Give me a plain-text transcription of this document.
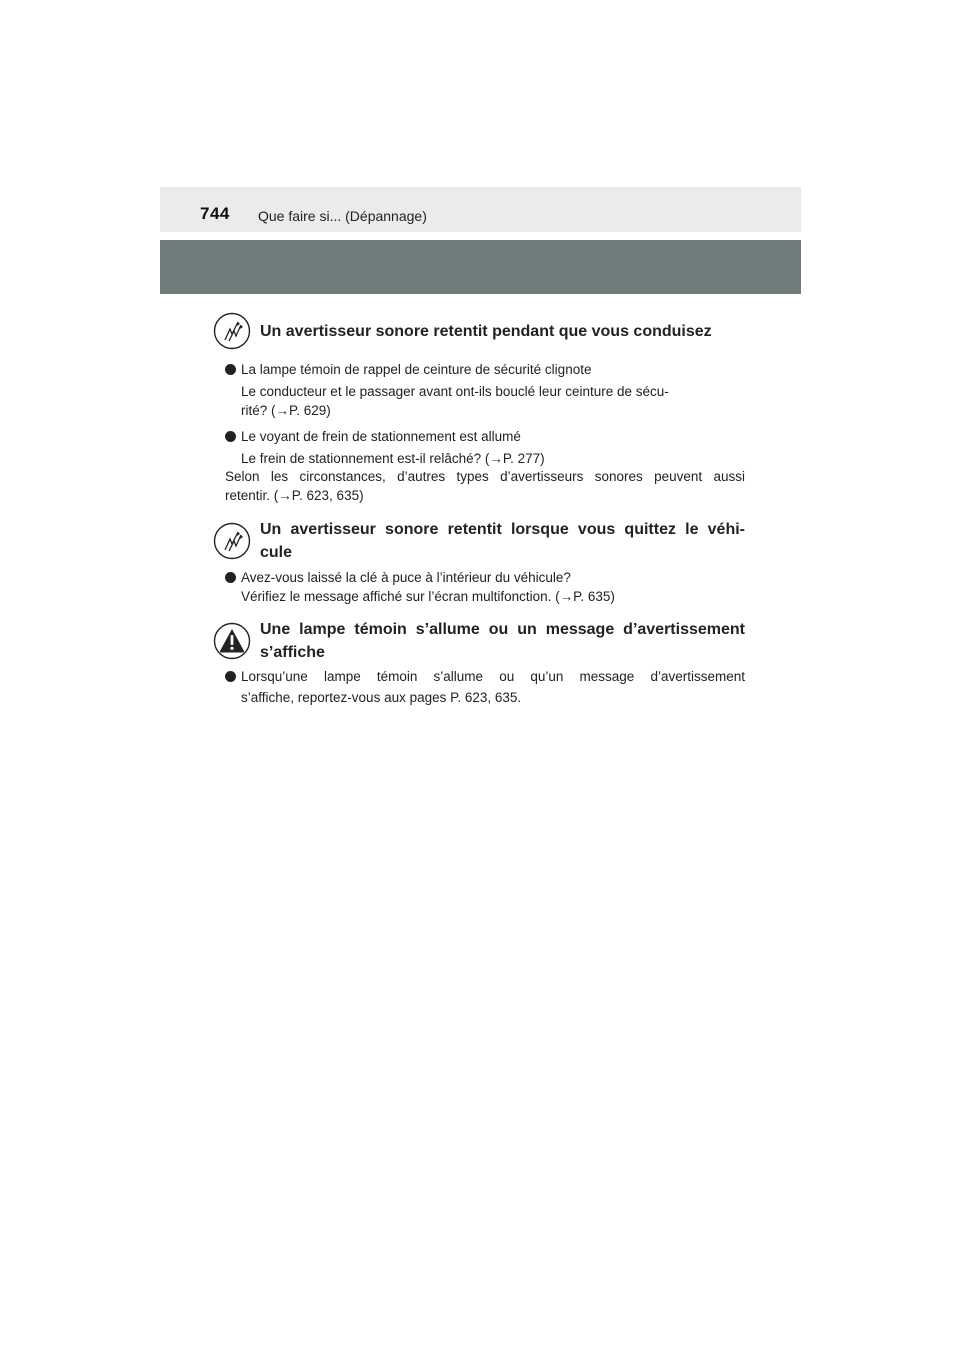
744 Que faire si... (Dépannage)
Un avertisseur sonore retentit pendant que vous conduisez
La lampe témoin de rappel de ceinture de sécurité clignote
Le conducteur et le passager avant ont-ils bouclé leur ceinture de sécu-
rité? (→P. 629)
Le voyant de frein de stationnement est allumé
Le frein de stationnement est-il relâché? (→P. 277)
Selon les circonstances, d’autres types d’avertisseurs sonores peuvent aussi
retentir. (→P. 623, 635)
Un avertisseur sonore retentit lorsque vous quittez le véhi-
cule
Avez-vous laissé la clé à puce à l’intérieur du véhicule?
Vérifiez le message affiché sur l’écran multifonction. (→P. 635)
Une lampe témoin s’allume ou un message d’avertissement
s’affiche
Lorsqu’une lampe témoin s’allume ou qu’un message d’avertissement
s’affiche, reportez-vous aux pages P. 623, 635.
